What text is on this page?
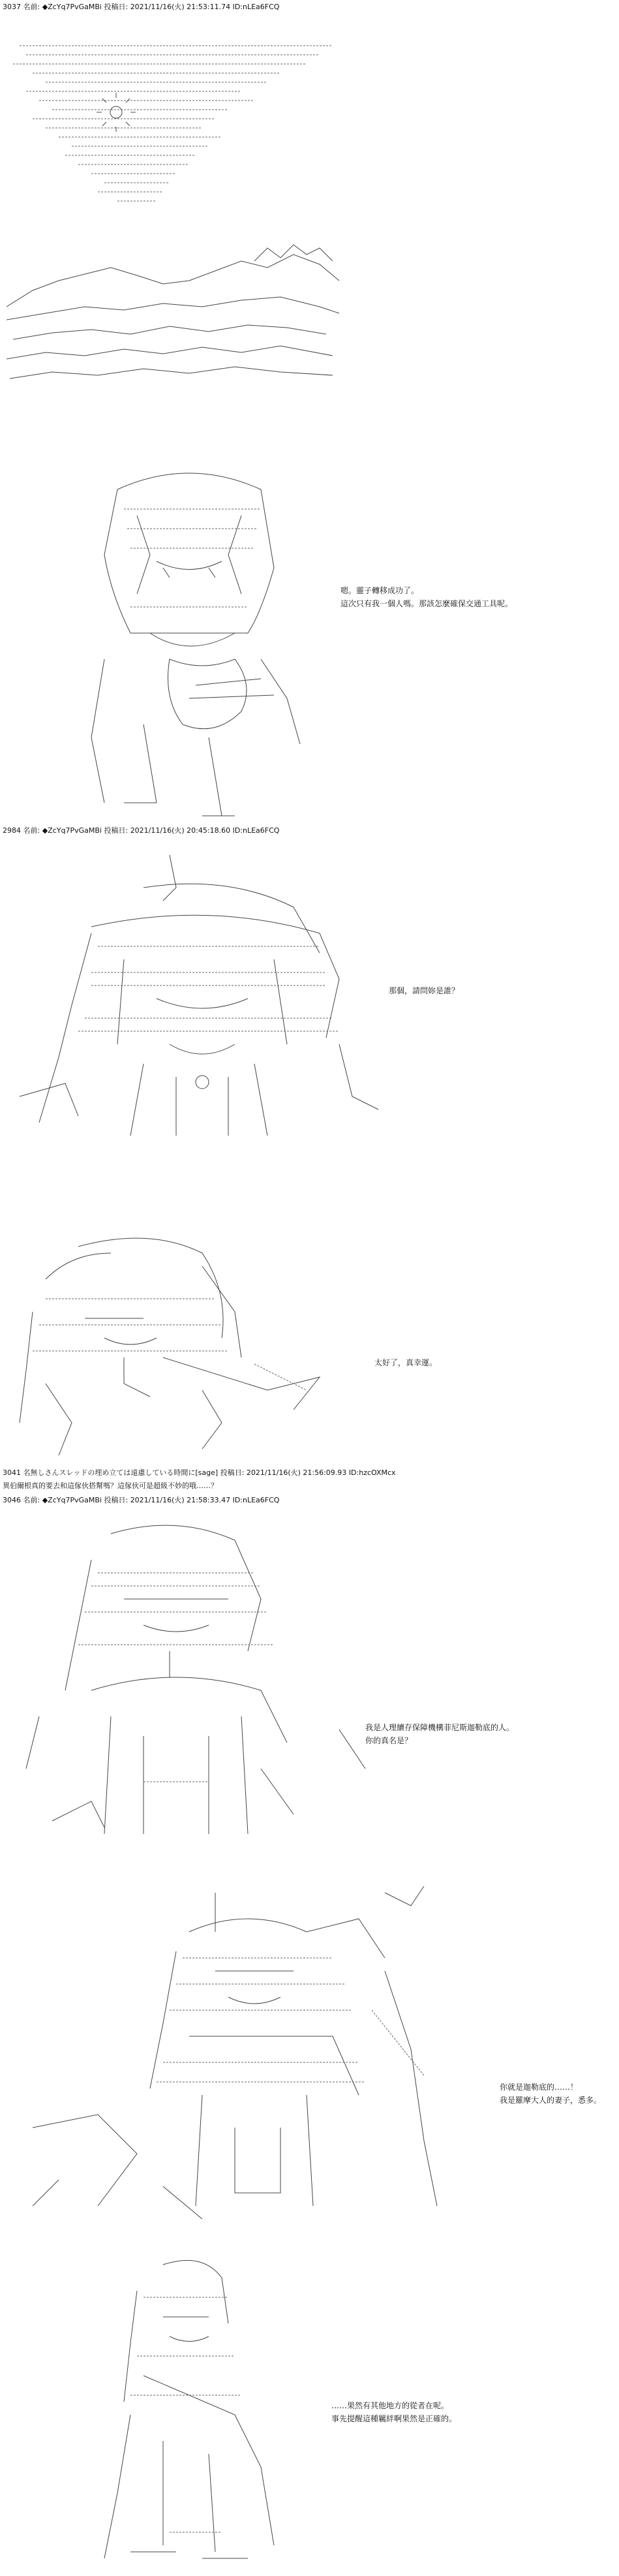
3037 名前: ◆ZcYq7PvGaMBi 投稿日: 2021/11/16(火) 21:53:11.74 ID:nLEa6FCQ
嗯。靈子轉移成功了。
這次只有我一個人嗎。那該怎麼確保交通工具呢。
2984 名前: ◆ZcYq7PvGaMBi 投稿日: 2021/11/16(火) 20:45:18.60 ID:nLEa6FCQ
那個，請問妳是誰？
太好了，真幸運。
3041 名無しさんスレッドの埋め立ては遠慮している時間に[sage] 投稿日: 2021/11/16(火) 21:56:09.93 ID:hzcOXMcx
異伯爾根真的要去和這傢伙搭幫嗎？這傢伙可是超級不妙的哦……？
3046 名前: ◆ZcYq7PvGaMBi 投稿日: 2021/11/16(火) 21:58:33.47 ID:nLEa6FCQ
我是人理續存保障機構菲尼斯迦勒底的人。
你的真名是？
你就是迦勒底的……！
我是羅摩大人的妻子，悉多。
……果然有其他地方的從者在呢。
事先提醒這種羈絆啊果然是正確的。
